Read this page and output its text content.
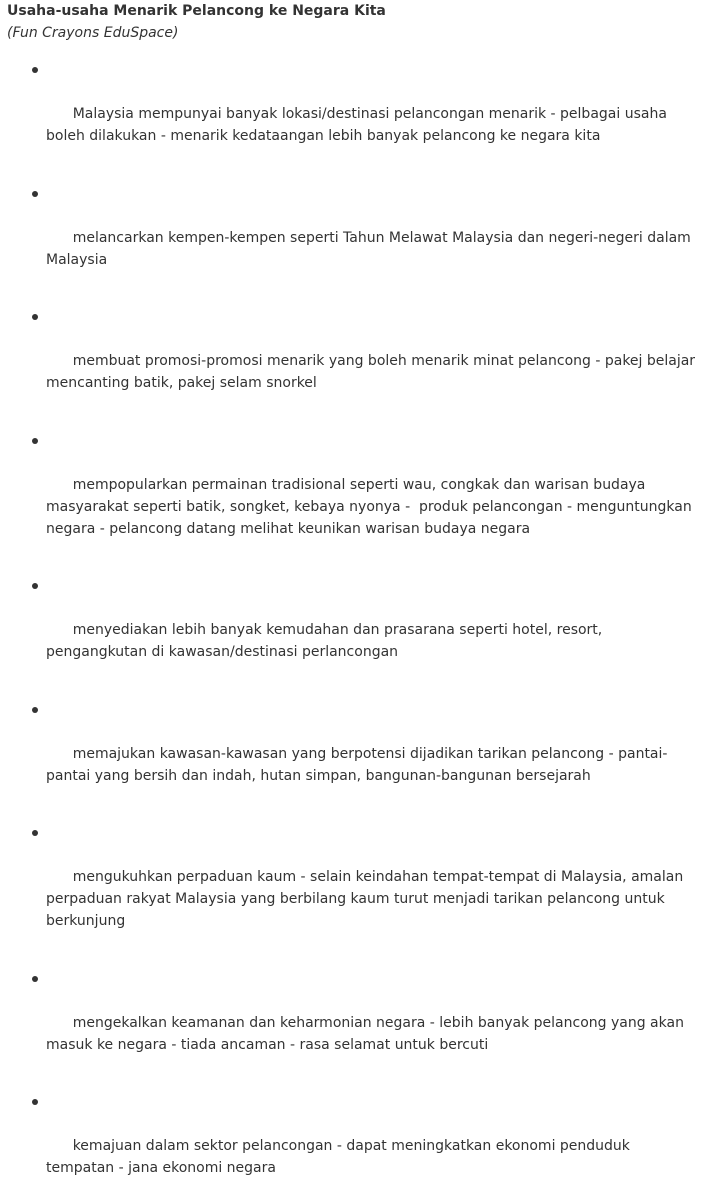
Usaha-usaha Menarik Pelancong ke Negara Kita
(Fun Crayons EduSpace)

Malaysia mempunyai banyak lokasi/destinasi pelancongan menarik - pelbagai usaha boleh dilakukan - menarik kedataangan lebih banyak pelancong ke negara kita

melancarkan kempen-kempen seperti Tahun Melawat Malaysia dan negeri-negeri dalam Malaysia

membuat promosi-promosi menarik yang boleh menarik minat pelancong - pakej belajar mencanting batik, pakej selam snorkel

mempopularkan permainan tradisional seperti wau, congkak dan warisan budaya masyarakat seperti batik, songket, kebaya nyonya -  produk pelancongan - menguntungkan negara - pelancong datang melihat keunikan warisan budaya negara

menyediakan lebih banyak kemudahan dan prasarana seperti hotel, resort, pengangkutan di kawasan/destinasi perlancongan

memajukan kawasan-kawasan yang berpotensi dijadikan tarikan pelancong - pantai-pantai yang bersih dan indah, hutan simpan, bangunan-bangunan bersejarah

mengukuhkan perpaduan kaum - selain keindahan tempat-tempat di Malaysia, amalan perpaduan rakyat Malaysia yang berbilang kaum turut menjadi tarikan pelancong untuk berkunjung

mengekalkan keamanan dan keharmonian negara - lebih banyak pelancong yang akan masuk ke negara - tiada ancaman - rasa selamat untuk bercuti

kemajuan dalam sektor pelancongan - dapat meningkatkan ekonomi penduduk tempatan - jana ekonomi negara
